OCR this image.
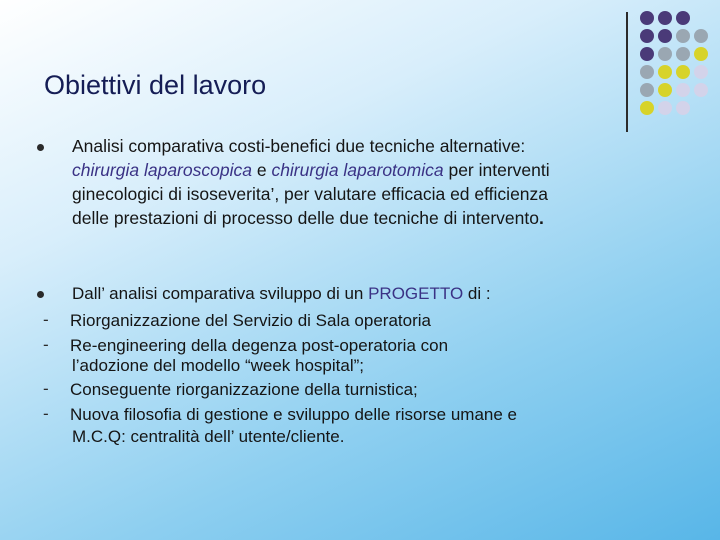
Obiettivi del lavoro
Analisi comparativa costi-benefici due tecniche alternative:
chirurgia laparoscopica e chirurgia laparotomica per interventi
ginecologici di isoseverita’, per valutare efficacia ed efficienza
delle prestazioni di processo delle due tecniche di intervento.
Dall’ analisi comparativa sviluppo di un PROGETTO di :
- Riorganizzazione del Servizio di Sala operatoria
- Re-engineering della degenza post-operatoria con
l’adozione del modello “week hospital”;
- Conseguente riorganizzazione della turnistica;
- Nuova filosofia di gestione e sviluppo delle risorse umane e
M.C.Q: centralità dell’ utente/cliente.
